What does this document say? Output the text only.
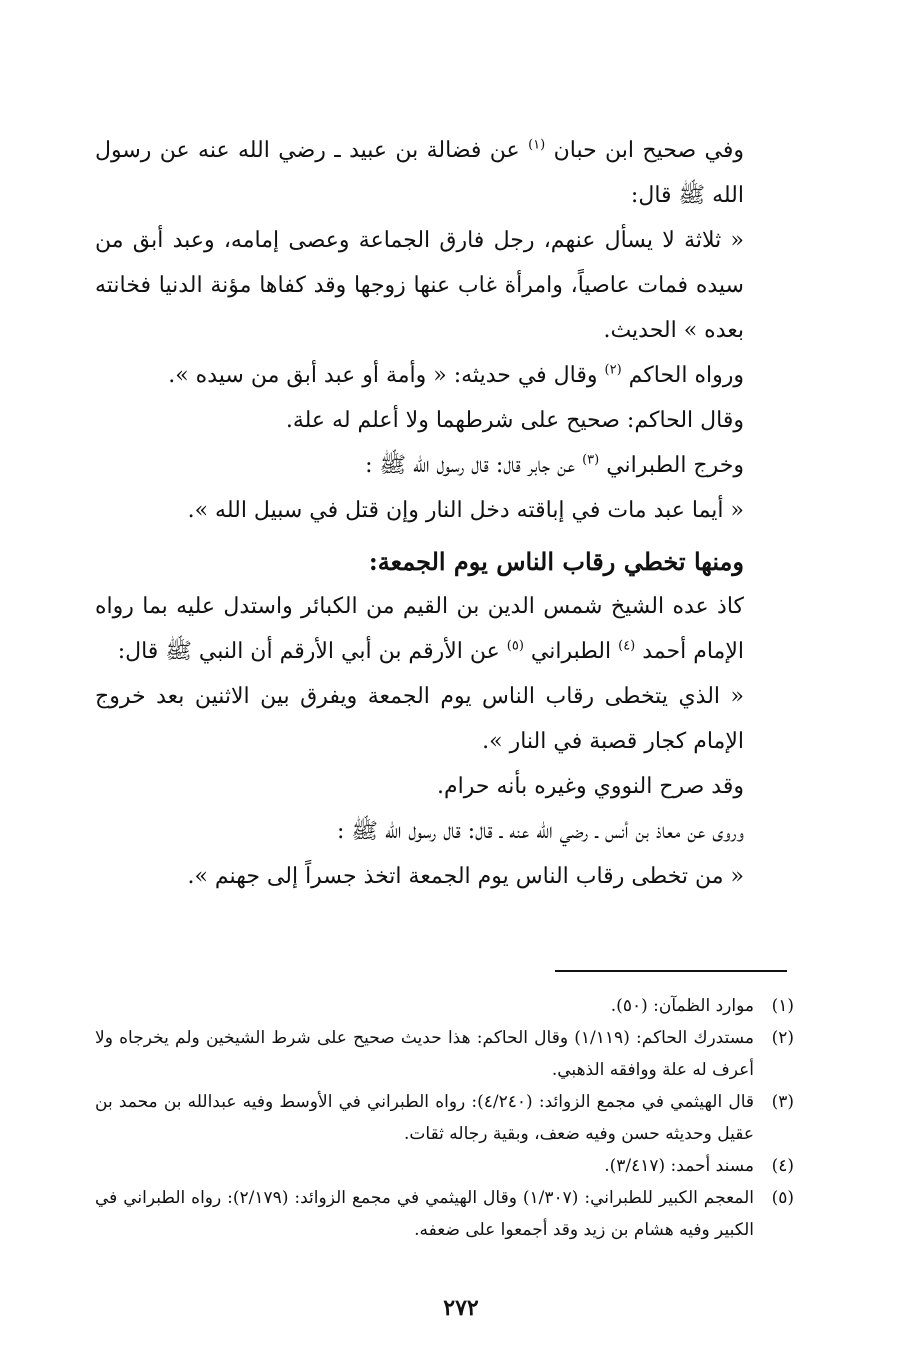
وفي صحيح ابن حبان $^{(١)}$ عن فضالة بن عبيد ـ رضي الله عنه عن رسول الله ﷺ قال:

« ثلاثة لا يسأل عنهم، رجل فارق الجماعة وعصى إمامه، وعبد أبق من سيده فمات عاصياً، وامرأة غاب عنها زوجها وقد كفاها مؤنة الدنيا فخانته بعده » الحديث.

ورواه الحاكم $^{(٢)}$ وقال في حديثه: « وأمة أو عبد أبق من سيده ».

وقال الحاكم: صحيح على شرطهما ولا أعلم له علة.

وخرج الطبراني $^{(٣)}$ عن جابر قال: قال رسول الله ﷺ :

« أيما عبد مات في إباقته دخل النار وإن قتل في سبيل الله ».

ومنها تخطي رقاب الناس يوم الجمعة:

كاذ عده الشيخ شمس الدين بن القيم من الكبائر واستدل عليه بما رواه الإمام أحمد $^{(٤)}$ الطبراني $^{(٥)}$ عن الأرقم بن أبي الأرقم أن النبي ﷺ قال:

« الذي يتخطى رقاب الناس يوم الجمعة ويفرق بين الاثنين بعد خروج الإمام كجار قصبة في النار ».

وقد صرح النووي وغيره بأنه حرام.

وروى عن معاذ بن أنس ـ رضي الله عنه ـ قال: قال رسول الله ﷺ :

« من تخطى رقاب الناس يوم الجمعة اتخذ جسراً إلى جهنم ».

(١)
موارد الظمآن: (٥٠).
(٢)
مستدرك الحاكم: (١/١١٩) وقال الحاكم: هذا حديث صحيح على شرط الشيخين ولم يخرجاه ولا أعرف له علة ووافقه الذهبي.
(٣)
قال الهيثمي في مجمع الزوائد: (٤/٢٤٠): رواه الطبراني في الأوسط وفيه عبدالله بن محمد بن عقيل وحديثه حسن وفيه ضعف، وبقية رجاله ثقات.
(٤)
مسند أحمد: (٣/٤١٧).
(٥)
المعجم الكبير للطبراني: (١/٣٠٧) وقال الهيثمي في مجمع الزوائد: (٢/١٧٩): رواه الطبراني في الكبير وفيه هشام بن زيد وقد أجمعوا على ضعفه.
٢٧٢
